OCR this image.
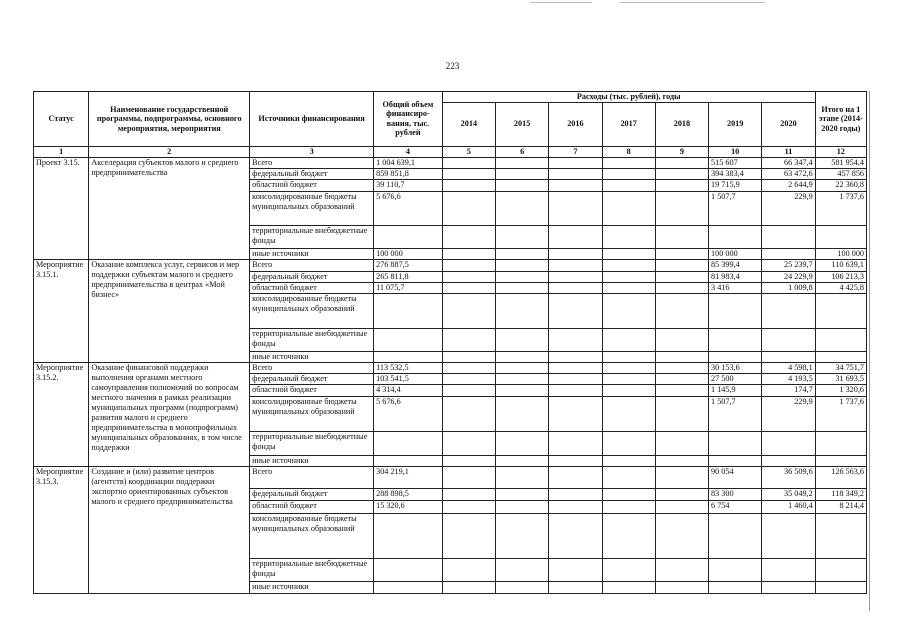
223
Статус	Наименование государственной программы, подпрограммы, основного мероприятия, мероприятия	Источники финансирования	Общий объем финансиро-вания, тыс. рублей	Расходы (тыс. рублей), годы							Итого на 1 этапе (2014-2020 годы)
				2014	2015	2016	2017	2018	2019	2020	
1	2	3	4	5	6	7	8	9	10	11	12
Проект 3.15.	Акселерация субъектов малого и среднего предпринимательства	Всего	1 004 639,1						515 607	66 347,4	581 954,4
		федеральный бюджет	859 851,8						394 383,4	63 472,6	457 856
		областной бюджет	39 110,7						19 715,9	2 644,9	22 360,8
		консолидированные бюджеты муниципальных образований	5 676,6						1 507,7	229,9	1 737,6
		территориальные внебюджетные фонды									
		иные источники	100 000						100 000		100 000
Мероприятие 3.15.1.	Оказание комплекса услуг, сервисов и мер поддержки субъектам малого и среднего предпринимательства в центрах «Мой бизнес»	Всего	276 887,5						85 399,4	25 239,7	110 639,1
		федеральный бюджет	265 811,8						81 983,4	24 229,9	106 213,3
		областной бюджет	11 075,7						3 416	1 009,8	4 425,8
		консолидированные бюджеты муниципальных образований									
		территориальные внебюджетные фонды									
		иные источники									
Мероприятие 3.15.2.	Оказание финансовой поддержки выполнения органами местного самоуправления полномочий по вопросам местного значения в рамках реализации муниципальных программ (подпрограмм) развития малого и среднего предпринимательства в монопрофильных муниципальных образованиях, в том числе поддержки	Всего	113 532,5						30 153,6	4 598,1	34 751,7
		федеральный бюджет	103 541,5						27 500	4 193,5	31 693,5
		областной бюджет	4 314,4						1 145,9	174,7	1 320,6
		консолидированные бюджеты муниципальных образований	5 676,6						1 507,7	229,9	1 737,6
		территориальные внебюджетные фонды									
		иные источники									
Мероприятие 3.15.3.	Создание и (или) развитие центров (агентств) координации поддержки экспортно ориентированных субъектов малого и среднего предпринимательства	Всего	304 219,1						90 054	36 509,6	126 563,6
		федеральный бюджет	288 898,5						83 300	35 049,2	118 349,2
		областной бюджет	15 320,6						6 754	1 460,4	8 214,4
		консолидированные бюджеты муниципальных образований									
		территориальные внебюджетные фонды									
		иные источники									
